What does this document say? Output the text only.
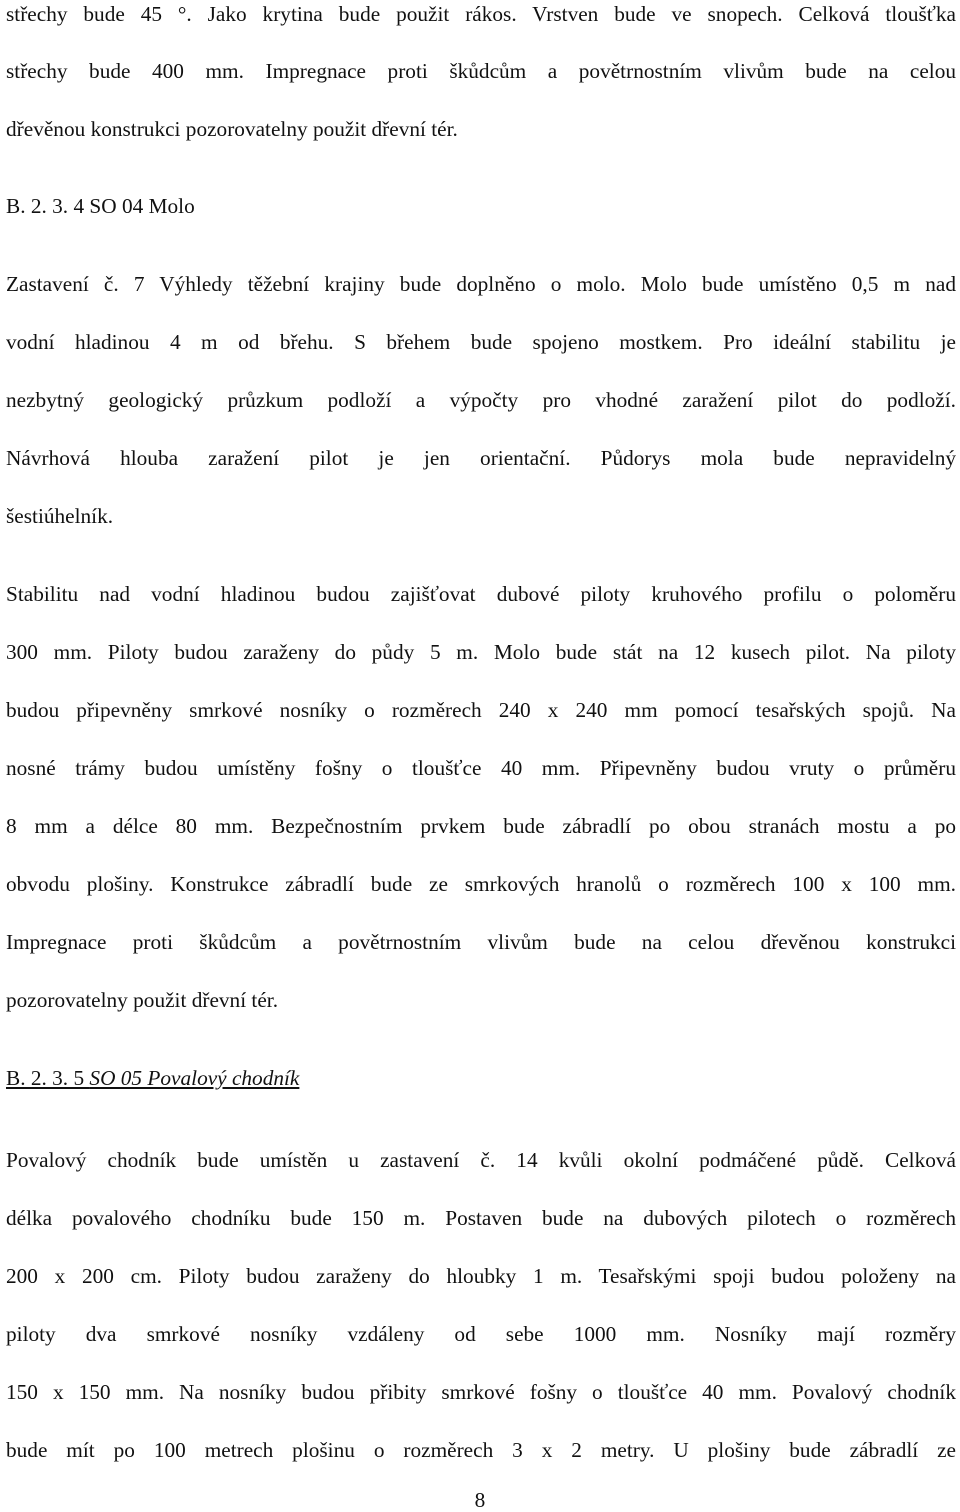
střechy bude 45 °. Jako krytina bude použit rákos. Vrstven bude ve snopech. Celková tloušťka
střechy bude 400 mm. Impregnace proti škůdcům a povětrnostním vlivům bude na celou
dřevěnou konstrukci pozorovatelny použit dřevní tér.
B. 2. 3. 4 SO 04 Molo
Zastavení č. 7 Výhledy těžební krajiny bude doplněno o molo. Molo bude umístěno 0,5 m nad
vodní hladinou 4 m od břehu. S břehem bude spojeno mostkem. Pro ideální stabilitu je
nezbytný geologický průzkum podloží a výpočty pro vhodné zaražení pilot do podloží.
Návrhová hlouba zaražení pilot je jen orientační. Půdorys mola bude nepravidelný
šestiúhelník.
Stabilitu nad vodní hladinou budou zajišťovat dubové piloty kruhového profilu o poloměru
300 mm. Piloty budou zaraženy do půdy 5 m. Molo bude stát na 12 kusech pilot. Na piloty
budou připevněny smrkové nosníky o rozměrech 240 x 240 mm pomocí tesařských spojů. Na
nosné trámy budou umístěny fošny o tloušťce 40 mm. Připevněny budou vruty o průměru
8 mm a délce 80 mm. Bezpečnostním prvkem bude zábradlí po obou stranách mostu a po
obvodu plošiny. Konstrukce zábradlí bude ze smrkových hranolů o rozměrech 100 x 100 mm.
Impregnace proti škůdcům a povětrnostním vlivům bude na celou dřevěnou konstrukci
pozorovatelny použit dřevní tér.
B. 2. 3. 5 SO 05 Povalový chodník
Povalový chodník bude umístěn u zastavení č. 14 kvůli okolní podmáčené půdě. Celková
délka povalového chodníku bude 150 m. Postaven bude na dubových pilotech o rozměrech
200 x 200 cm. Piloty budou zaraženy do hloubky 1 m. Tesařskými spoji budou položeny na
piloty dva smrkové nosníky vzdáleny od sebe 1000 mm. Nosníky mají rozměry
150 x 150 mm. Na nosníky budou přibity smrkové fošny o tloušťce 40 mm. Povalový chodník
bude mít po 100 metrech plošinu o rozměrech 3 x 2 metry. U plošiny bude zábradlí ze
8
